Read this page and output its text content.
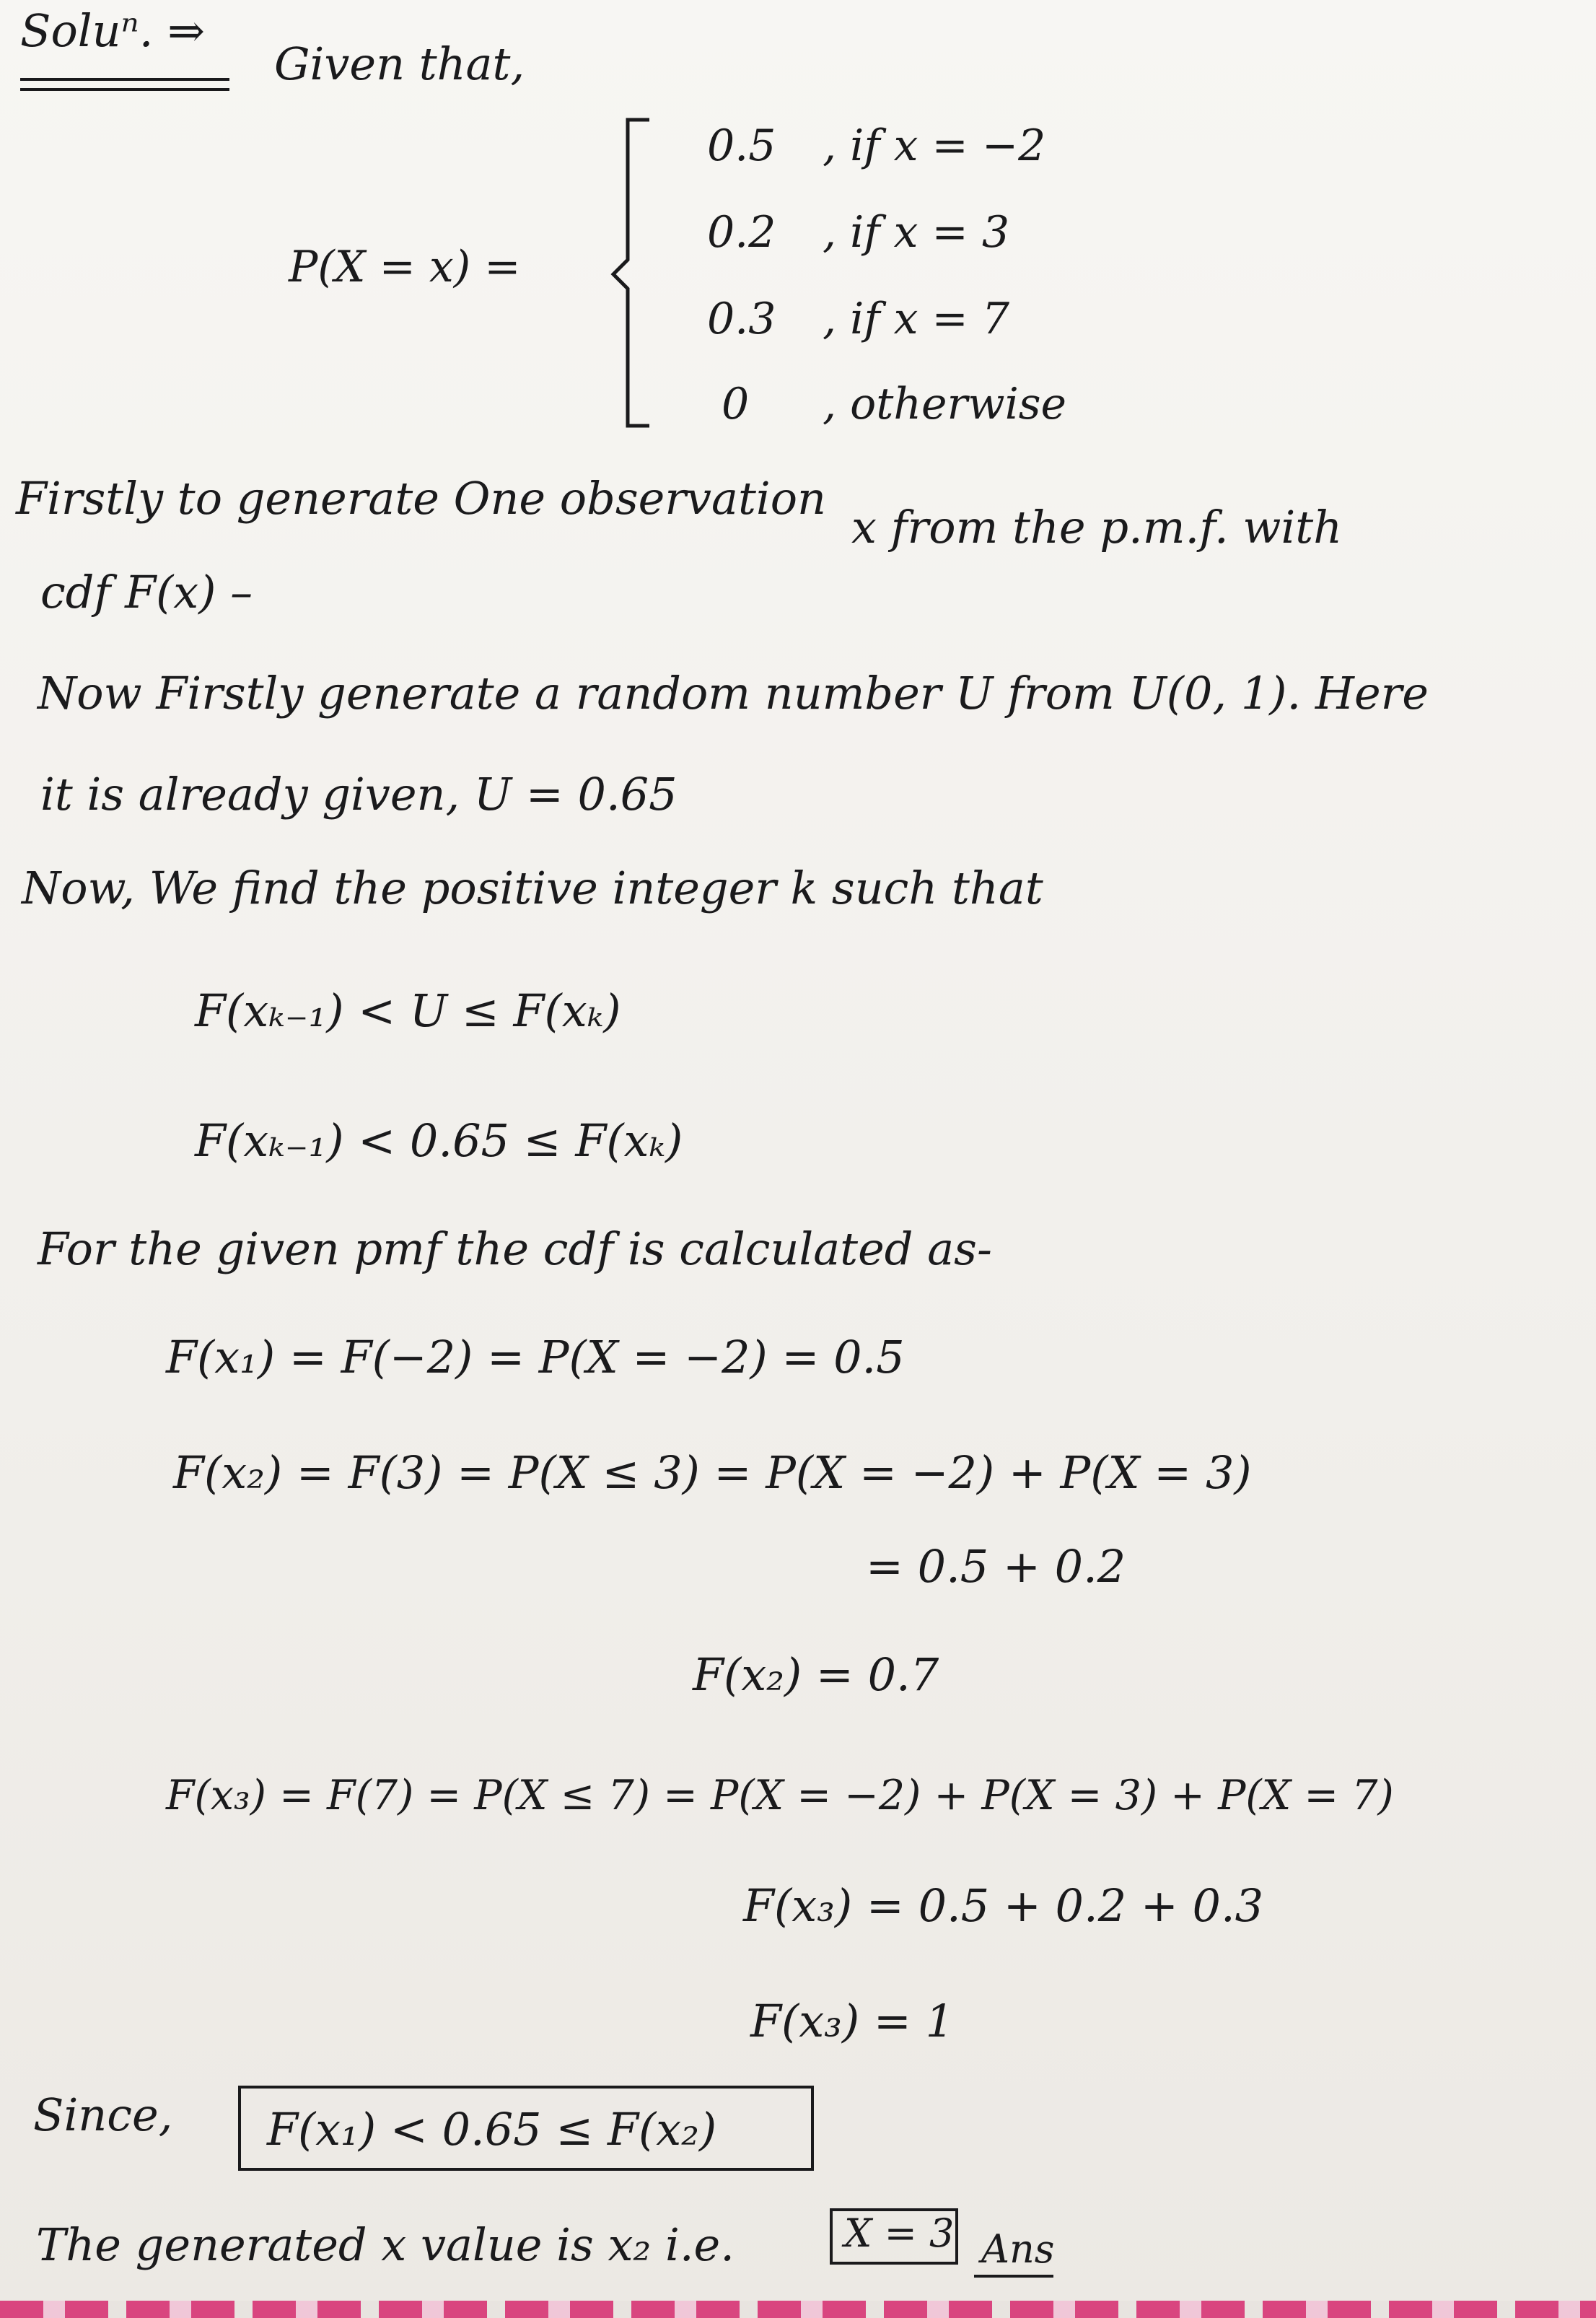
Soluⁿ. ⇒
Given that,
P(X = x) =
0.5 , if x = −2
0.2 , if x = 3
0.3 , if x = 7
0 , otherwise
Firstly to generate One observation
x from the p.m.f. with
cdf F(x) –
Now Firstly generate a random number U from U(0, 1). Here
it is already given, U = 0.65
Now, We find the positive integer k such that
F(xₖ₋₁) < U ≤ F(xₖ)
F(xₖ₋₁) < 0.65 ≤ F(xₖ)
For the given pmf the cdf is calculated as-
F(x₁) = F(−2) = P(X = −2) = 0.5
F(x₂) = F(3) = P(X ≤ 3) = P(X = −2) + P(X = 3)
= 0.5 + 0.2
F(x₂) = 0.7
F(x₃) = F(7) = P(X ≤ 7) = P(X = −2) + P(X = 3) + P(X = 7)
F(x₃) = 0.5 + 0.2 + 0.3
F(x₃) = 1
Since, F(x₁) < 0.65 ≤ F(x₂)
The generated x value is x₂ i.e.	X = 3 Ans
